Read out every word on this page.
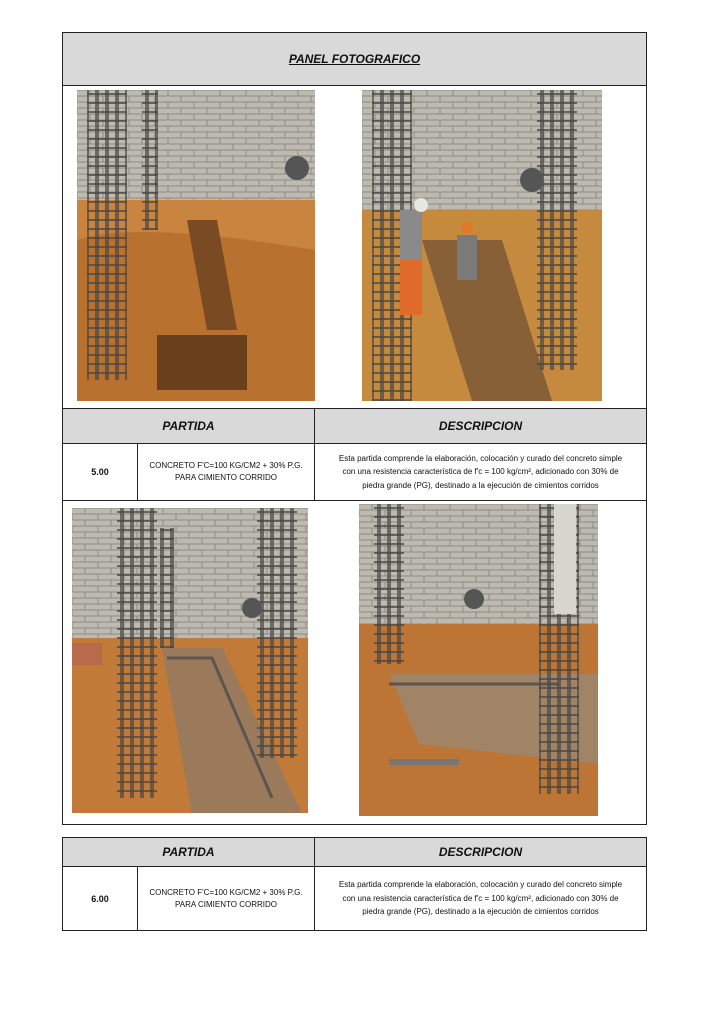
PANEL FOTOGRAFICO
PARTIDA	DESCRIPCION
5.00
CONCRETO F'C=100 KG/CM2 + 30% P.G.
PARA CIMIENTO CORRIDO
Esta partida comprende la elaboración, colocación y curado del concreto simple
con una resistencia característica de f'c = 100 kg/cm², adicionado con 30% de
piedra grande (PG), destinado a la ejecución de cimientos corridos
PARTIDA	DESCRIPCION
6.00
CONCRETO F'C=100 KG/CM2 + 30% P.G.
PARA CIMIENTO CORRIDO
Esta partida comprende la elaboración, colocación y curado del concreto simple
con una resistencia característica de f'c = 100 kg/cm², adicionado con 30% de
piedra grande (PG), destinado a la ejecución de cimientos corridos
